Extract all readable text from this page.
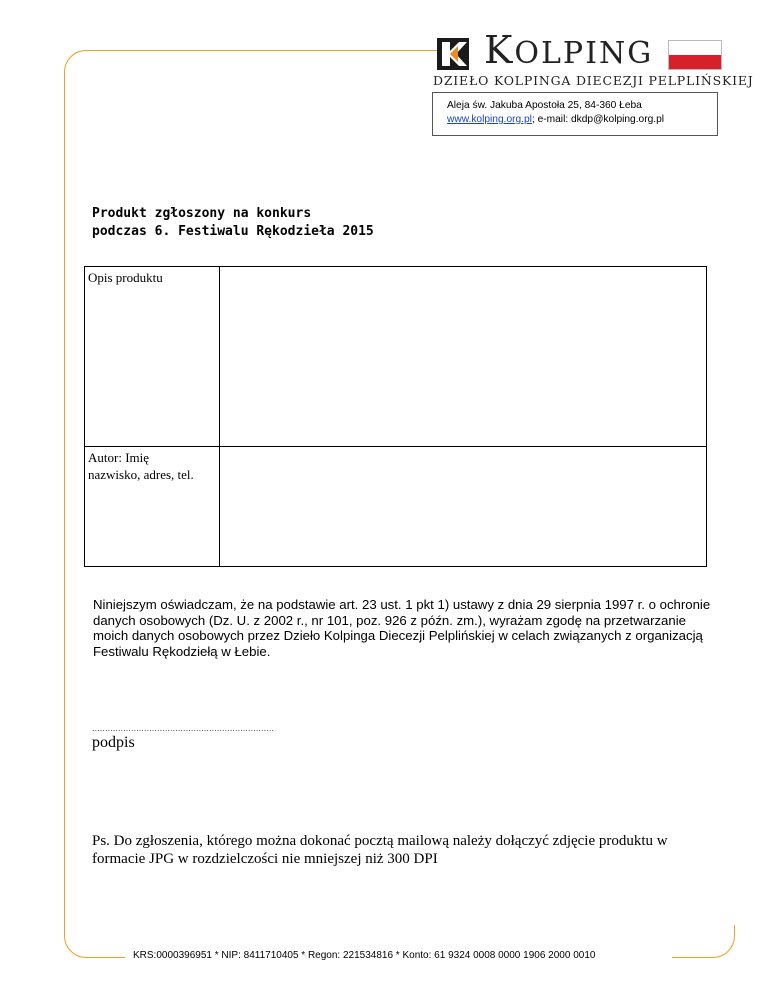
KOLPING
DZIEŁO KOLPINGA DIECEZJI PELPLIŃSKIEJ
Aleja św. Jakuba Apostoła 25, 84-360 Łeba
www.kolping.org.pl; e-mail: dkdp@kolping.org.pl
Produkt zgłoszony na konkurs
podczas 6. Festiwalu Rękodzieła 2015
Opis produktu	

Autor: Imię
nazwisko, adres, tel.	

Niniejszym oświadczam, że na podstawie art. 23 ust. 1 pkt 1) ustawy z dnia 29 sierpnia 1997 r. o ochronie danych osobowych (Dz. U. z 2002 r., nr 101, poz. 926 z późn. zm.), wyrażam zgodę na przetwarzanie moich danych osobowych przez Dzieło Kolpinga Diecezji Pelplińskiej w celach związanych z organizacją Festiwalu Rękodziełą w Łebie.
......................................................................
podpis
Ps. Do zgłoszenia, którego można dokonać pocztą mailową należy dołączyć zdjęcie produktu w formacie JPG w rozdzielczości nie mniejszej niż 300 DPI
KRS:0000396951 * NIP: 8411710405 * Regon: 221534816 * Konto: 61 9324 0008 0000 1906 2000 0010
